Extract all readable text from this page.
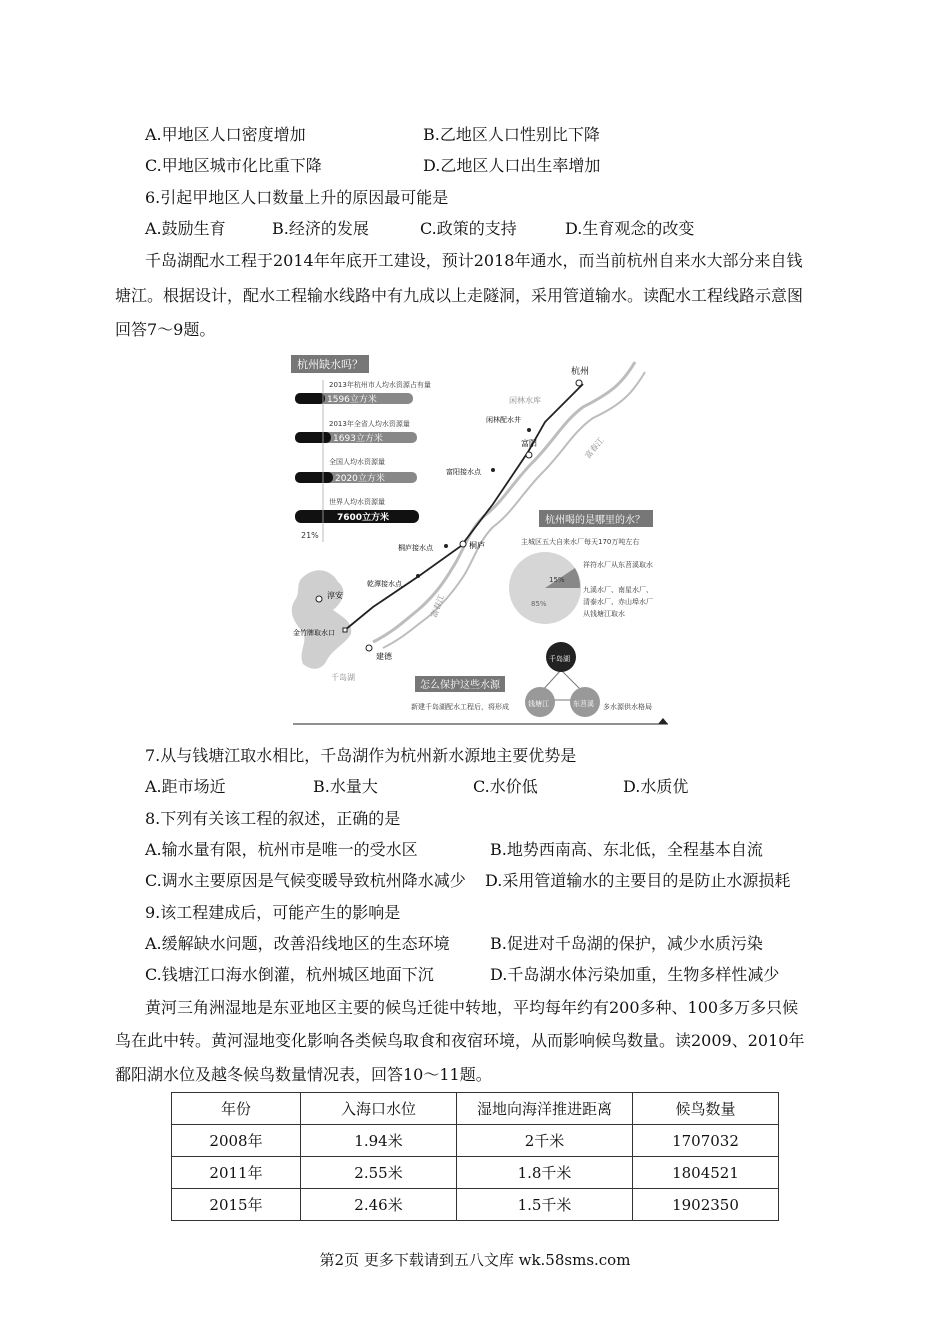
A.甲地区人口密度增加	B.乙地区人口性别比下降
C.甲地区城市化比重下降	D.乙地区人口出生率增加
6.引起甲地区人口数量上升的原因最可能是
A.鼓励生育	B.经济的发展	C.政策的支持	D.生育观念的改变
千岛湖配水工程于2014年年底开工建设，预计2018年通水，而当前杭州自来水大部分来自钱
塘江。根据设计，配水工程输水线路中有九成以上走隧洞，采用管道输水。读配水工程线路示意图
回答7～9题。
杭州缺水吗？
2013年杭州市人均水资源占有量
1596立方米
2013年全省人均水资源量
1693立方米
全国人均水资源量
2020立方米
世界人均水资源量
7600立方米
21%
杭州
闲林水库
闲林配水井
富阳	富春江
富阳接水点
桐庐接水点	桐庐
乾潭接水点
淳安
金竹牌取水口
富春江
建德
千岛湖
杭州喝的是哪里的水？
主城区五大自来水厂每天170万吨左右
15%
85%
祥符水厂从东苕溪取水
九溪水厂、南星水厂、
清泰水厂、赤山埠水厂
从钱塘江取水
怎么保护这些水源
新建千岛湖配水工程后，将形成
千岛湖
钱塘江	东苕溪 多水源供水格局
7.从与钱塘江取水相比，千岛湖作为杭州新水源地主要优势是
A.距市场近	B.水量大	C.水价低	D.水质优
8.下列有关该工程的叙述，正确的是
A.输水量有限，杭州市是唯一的受水区	B.地势西南高、东北低，全程基本自流
C.调水主要原因是气候变暖导致杭州降水减少 D.采用管道输水的主要目的是防止水源损耗
9.该工程建成后，可能产生的影响是
A.缓解缺水问题，改善沿线地区的生态环境	B.促进对千岛湖的保护，减少水质污染
C.钱塘江口海水倒灌，杭州城区地面下沉	D.千岛湖水体污染加重，生物多样性减少
黄河三角洲湿地是东亚地区主要的候鸟迁徙中转地，平均每年约有200多种、100多万多只候
鸟在此中转。黄河湿地变化影响各类候鸟取食和夜宿环境，从而影响候鸟数量。读2009、2010年
鄱阳湖水位及越冬候鸟数量情况表，回答10～11题。
年份	入海口水位	湿地向海洋推进距离	候鸟数量
2008年	1.94米	2千米	1707032
2011年	2.55米	1.8千米	1804521
2015年	2.46米	1.5千米	1902350
第2页 更多下载请到五八文库 wk.58sms.com
